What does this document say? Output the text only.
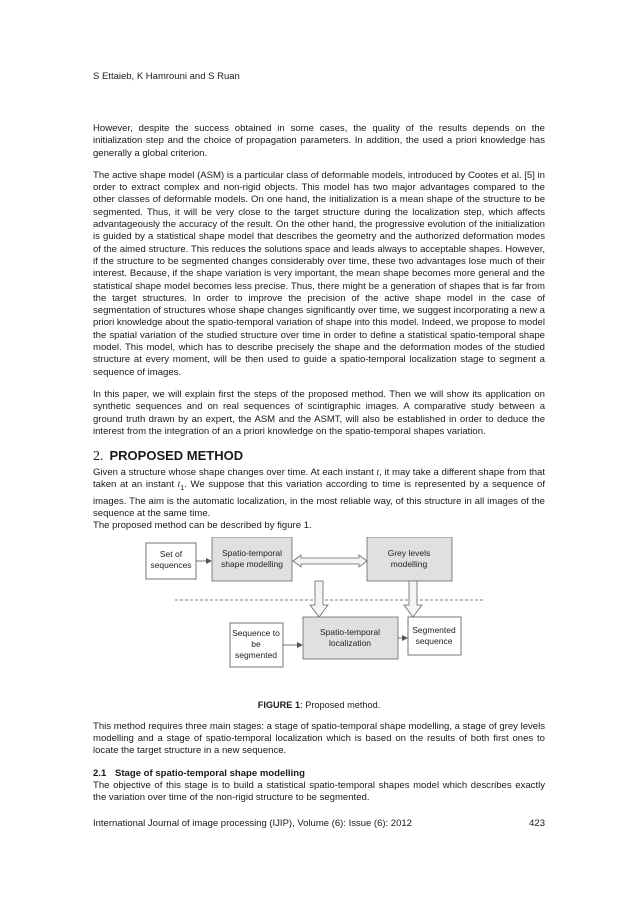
S Ettaieb, K Hamrouni and S Ruan

However, despite the success obtained in some cases, the quality of the results depends on the initialization step and the choice of propagation parameters. In addition, the used a priori knowledge has generally a global criterion.

The active shape model (ASM) is a particular class of deformable models, introduced by Cootes et al. [5] in order to extract complex and non-rigid objects. This model has two major advantages compared to the other classes of deformable models. On one hand, the initialization is a mean shape of the structure to be segmented. Thus, it will be very close to the target structure during the localization step, which affects advantageously the accuracy of the result. On the other hand, the progressive evolution of the initialization is guided by a statistical shape model that describes the geometry and the authorized deformation modes of the aimed structure. This reduces the solutions space and leads always to acceptable shapes. However, if the structure to be segmented changes considerably over time, these two advantages lose much of their interest. Because, if the shape variation is very important, the mean shape becomes more general and the statistical shape model becomes less precise. Thus, there might be a generation of shapes that is far from the target structures. In order to improve the precision of the active shape model in the case of segmentation of structures whose shape changes significantly over time, we suggest incorporating a new a priori knowledge about the spatio-temporal variation of shape into this model. Indeed, we propose to model the spatial variation of the studied structure over time in order to define a statistical spatio-temporal shape model. This model, which has to describe precisely the shape and the deformation modes of the studied structure at every moment, will be then used to guide a spatio-temporal localization stage to segment a sequence of images.

In this paper, we will explain first the steps of the proposed method. Then we will show its application on synthetic sequences and on real sequences of scintigraphic images. A comparative study between a ground truth drawn by an expert, the ASM and the ASMT, will also be established in order to deduce the interest from the integration of an a priori knowledge on the spatio-temporal shapes variation.

2. PROPOSED METHOD
Given a structure whose shape changes over time. At each instant t, it may take a different shape from that taken at an instant $t_1$. We suppose that this variation according to time is represented by a sequence of images. The aim is the automatic localization, in the most reliable way, of this structure in all images of the sequence at the same time.
The proposed method can be described by figure 1.
Set of
sequences
Spatio-temporal
shape modelling
Grey levels
modelling
Sequence to
be
segmented
Spatio-temporal
localization
Segmented
sequence
FIGURE 1: Proposed method.

This method requires three main stages: a stage of spatio-temporal shape modelling, a stage of grey levels modelling and a stage of spatio-temporal localization which is based on the results of both first ones to locate the target structure in a new sequence.

2.1 Stage of spatio-temporal shape modelling
The objective of this stage is to build a statistical spatio-temporal shapes model which describes exactly the variation over time of the non-rigid structure to be segmented.
International Journal of image processing (IJIP), Volume (6): Issue (6): 2012	423
